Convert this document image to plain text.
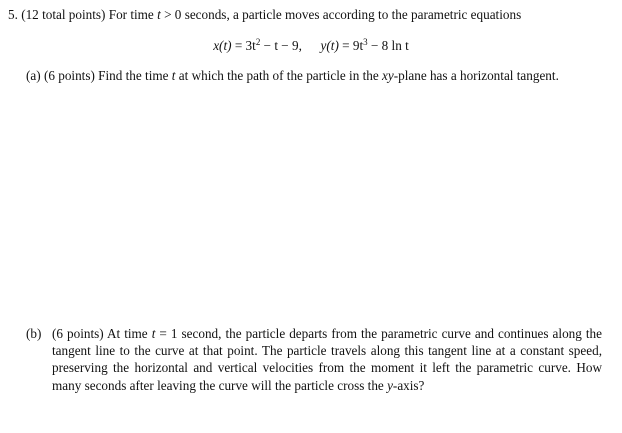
5. (12 total points) For time t > 0 seconds, a particle moves according to the parametric equations
$x(t) = 3t^2 - t - 9$, $y(t) = 9t^3 - 8$ ln t
(a) (6 points) Find the time t at which the path of the particle in the xy-plane has a horizontal tangent.
(b) (6 points) At time t = 1 second, the particle departs from the parametric curve and continues along the tangent line to the curve at that point. The particle travels along this tangent line at a constant speed, preserving the horizontal and vertical velocities from the moment it left the parametric curve. How many seconds after leaving the curve will the particle cross the y-axis?
